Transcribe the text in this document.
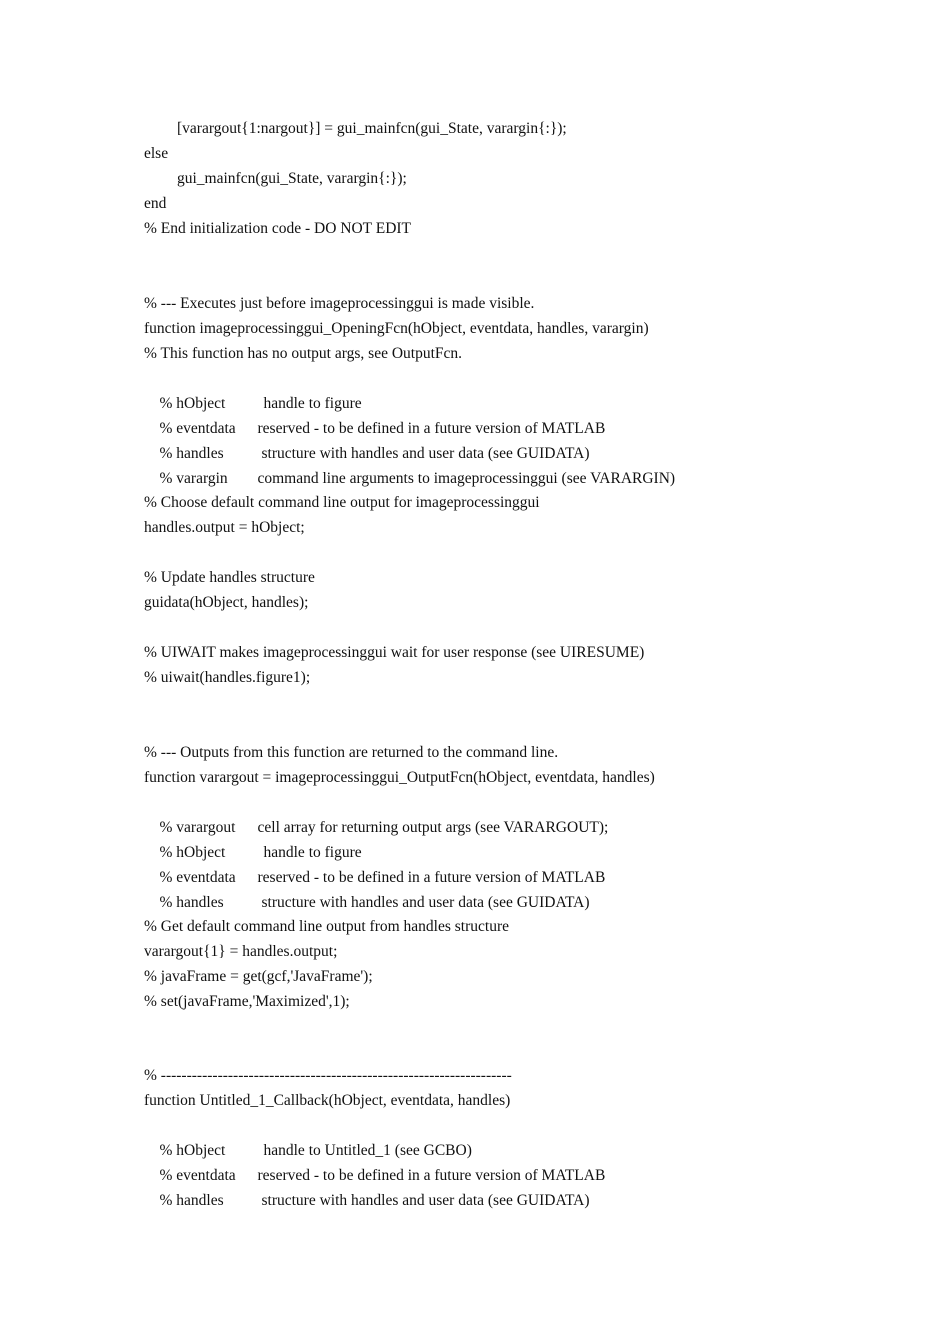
[varargout{1:nargout}] = gui_mainfcn(gui_State, varargin{:});
else
gui_mainfcn(gui_State, varargin{:});
end
% End initialization code - DO NOT EDIT
% --- Executes just before imageprocessinggui is made visible.
function imageprocessinggui_OpeningFcn(hObject, eventdata, handles, varargin)
% This function has no output args, see OutputFcn.

% hObject handle to figure

% eventdata reserved - to be defined in a future version of MATLAB

% handles structure with handles and user data (see GUIDATA)

% varargin command line arguments to imageprocessinggui (see VARARGIN)

% Choose default command line output for imageprocessinggui
handles.output = hObject;
% Update handles structure
guidata(hObject, handles);
% UIWAIT makes imageprocessinggui wait for user response (see UIRESUME)
% uiwait(handles.figure1);
% --- Outputs from this function are returned to the command line.
function varargout = imageprocessinggui_OutputFcn(hObject, eventdata, handles)

% varargout cell array for returning output args (see VARARGOUT);

% hObject handle to figure

% eventdata reserved - to be defined in a future version of MATLAB

% handles structure with handles and user data (see GUIDATA)

% Get default command line output from handles structure
varargout{1} = handles.output;
% javaFrame = get(gcf,'JavaFrame');
% set(javaFrame,'Maximized',1);
% --------------------------------------------------------------------
function Untitled_1_Callback(hObject, eventdata, handles)

% hObject handle to Untitled_1 (see GCBO)

% eventdata reserved - to be defined in a future version of MATLAB

% handles structure with handles and user data (see GUIDATA)
